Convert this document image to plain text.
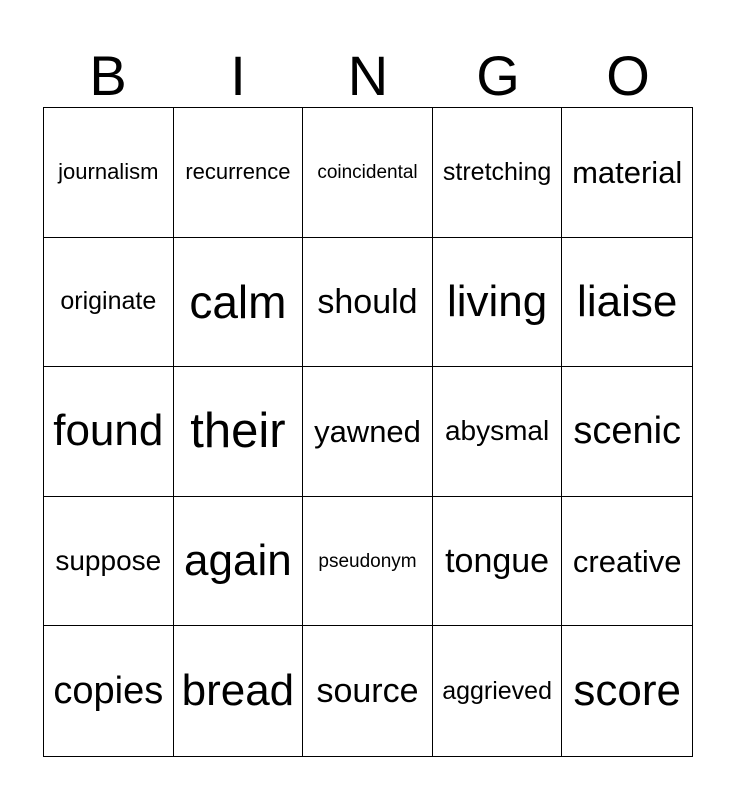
B	I	N	G	O
journalism recurrence coincidental stretching material
originate calm should living liaise
found their yawned abysmal scenic
suppose again pseudonym tongue creative
copies bread source aggrieved score
